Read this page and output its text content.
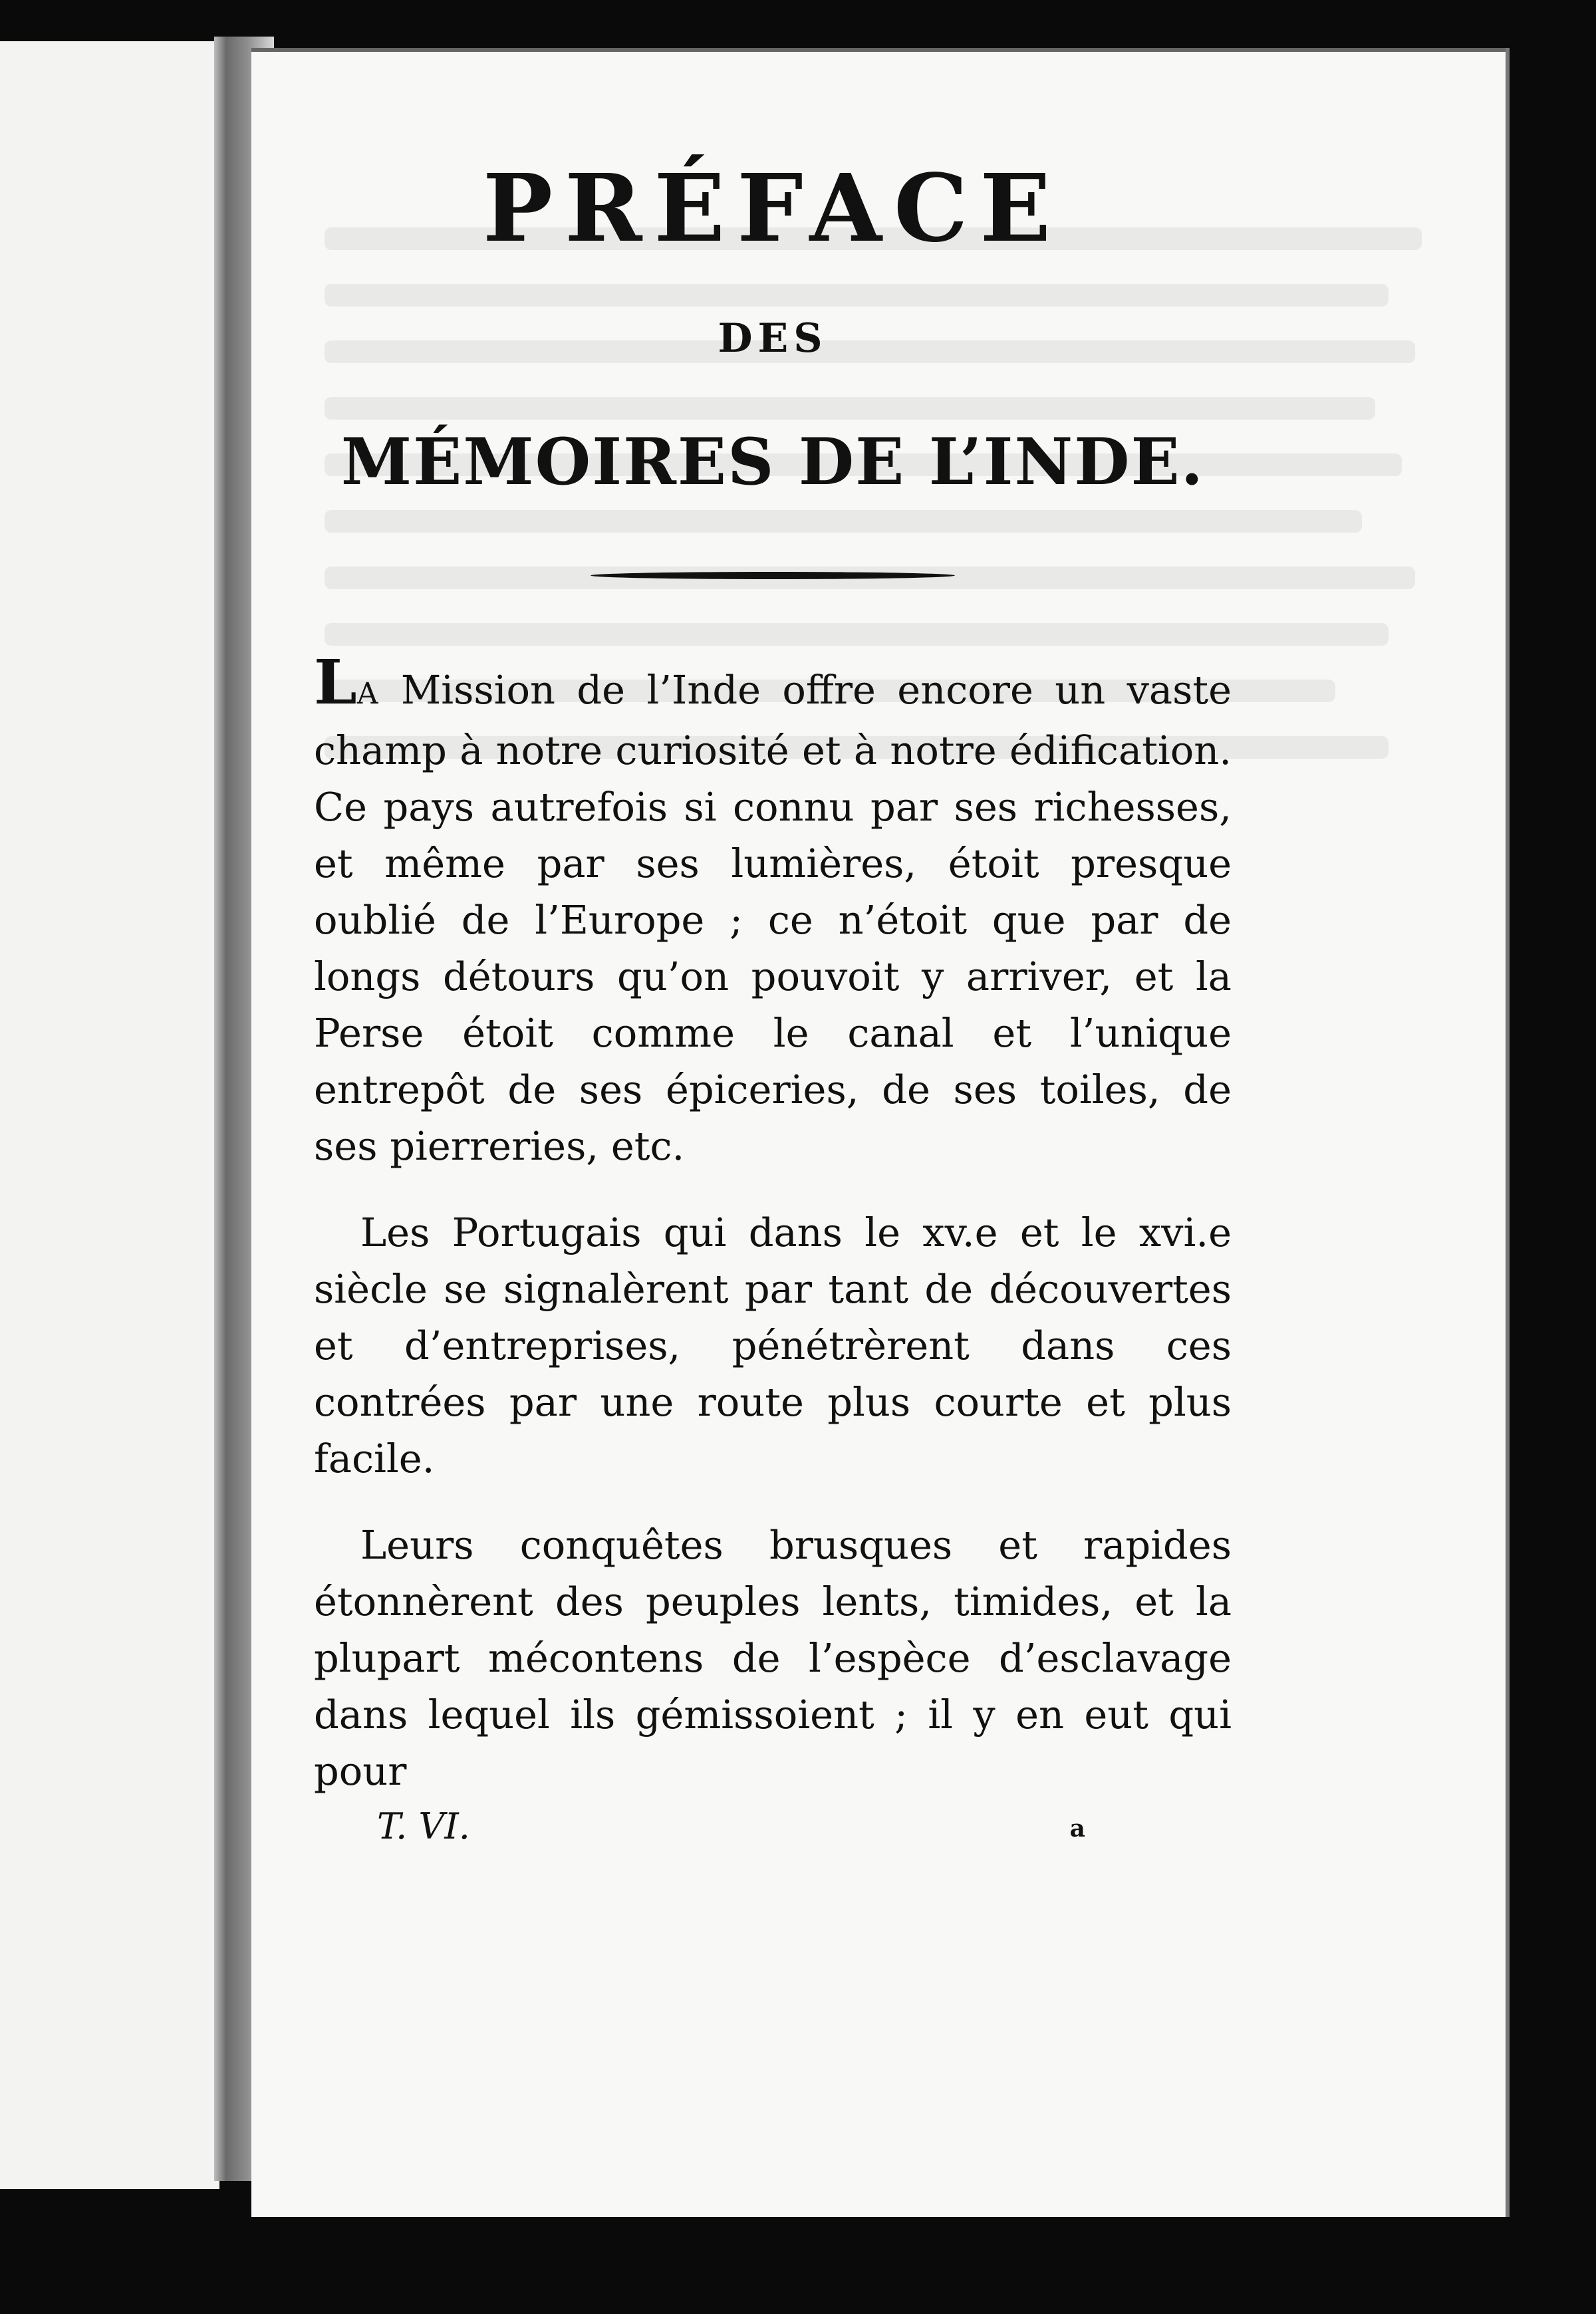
PRÉFACE
DES
MÉMOIRES DE L’INDE.

LA Mission de l’Inde offre encore un vaste champ à notre curiosité et à notre édification. Ce pays autrefois si connu par ses richesses, et même par ses lumières, étoit presque oublié de l’Europe ; ce n’étoit que par de longs détours qu’on pouvoit y arriver, et la Perse étoit comme le canal et l’unique entrepôt de ses épiceries, de ses toiles, de ses pierreries, etc.

Les Portugais qui dans le xv.e et le xvi.e siècle se signalèrent par tant de découvertes et d’entreprises, pénétrèrent dans ces contrées par une route plus courte et plus facile.

Leurs conquêtes brusques et rapides étonnèrent des peuples lents, timides, et la plupart mécontens de l’espèce d’esclavage dans lequel ils gémissoient ; il y en eut qui pour

T. VI.	a
